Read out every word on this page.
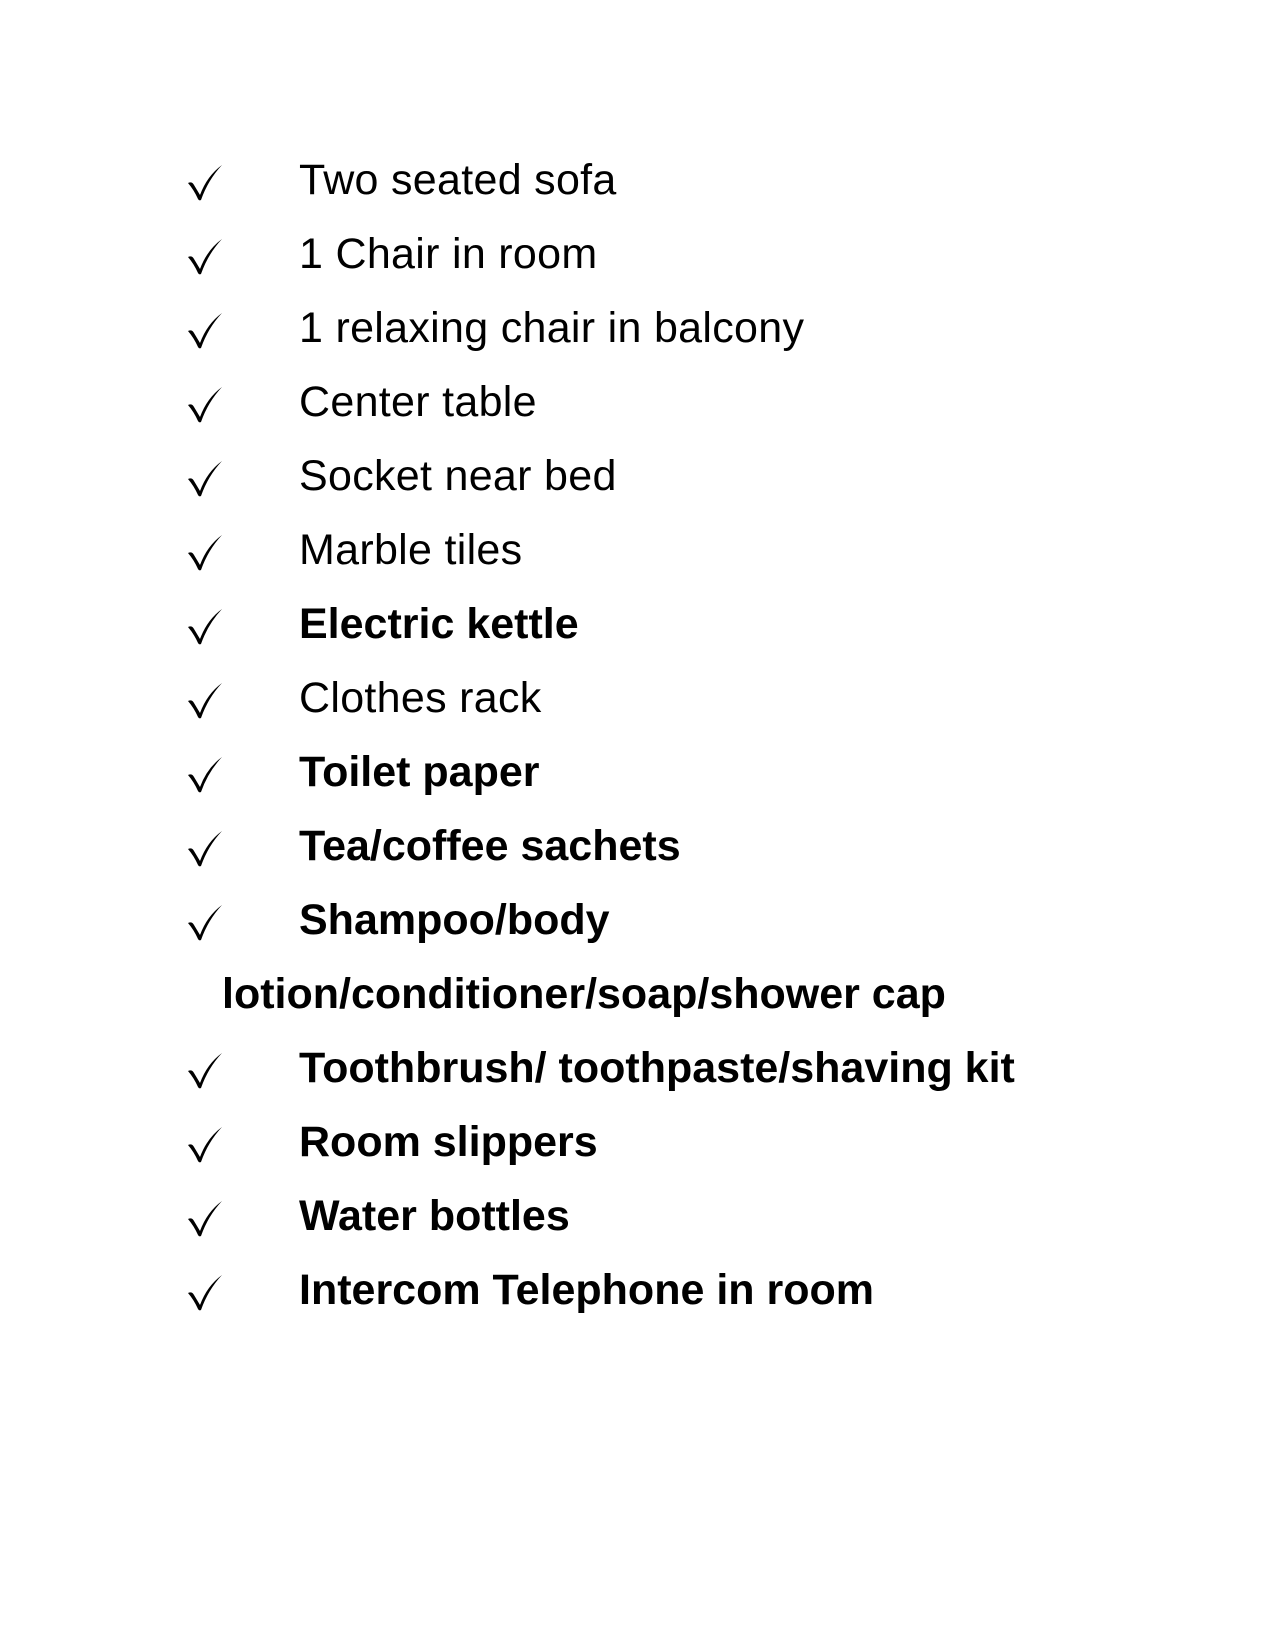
Two seated sofa
1 Chair in room
1 relaxing chair in balcony
Center table
Socket near bed
Marble tiles
Electric kettle
Clothes rack
Toilet paper
Tea/coffee sachets
Shampoo/body
lotion/conditioner/soap/shower cap
Toothbrush/ toothpaste/shaving kit
Room slippers
Water bottles
Intercom Telephone in room
